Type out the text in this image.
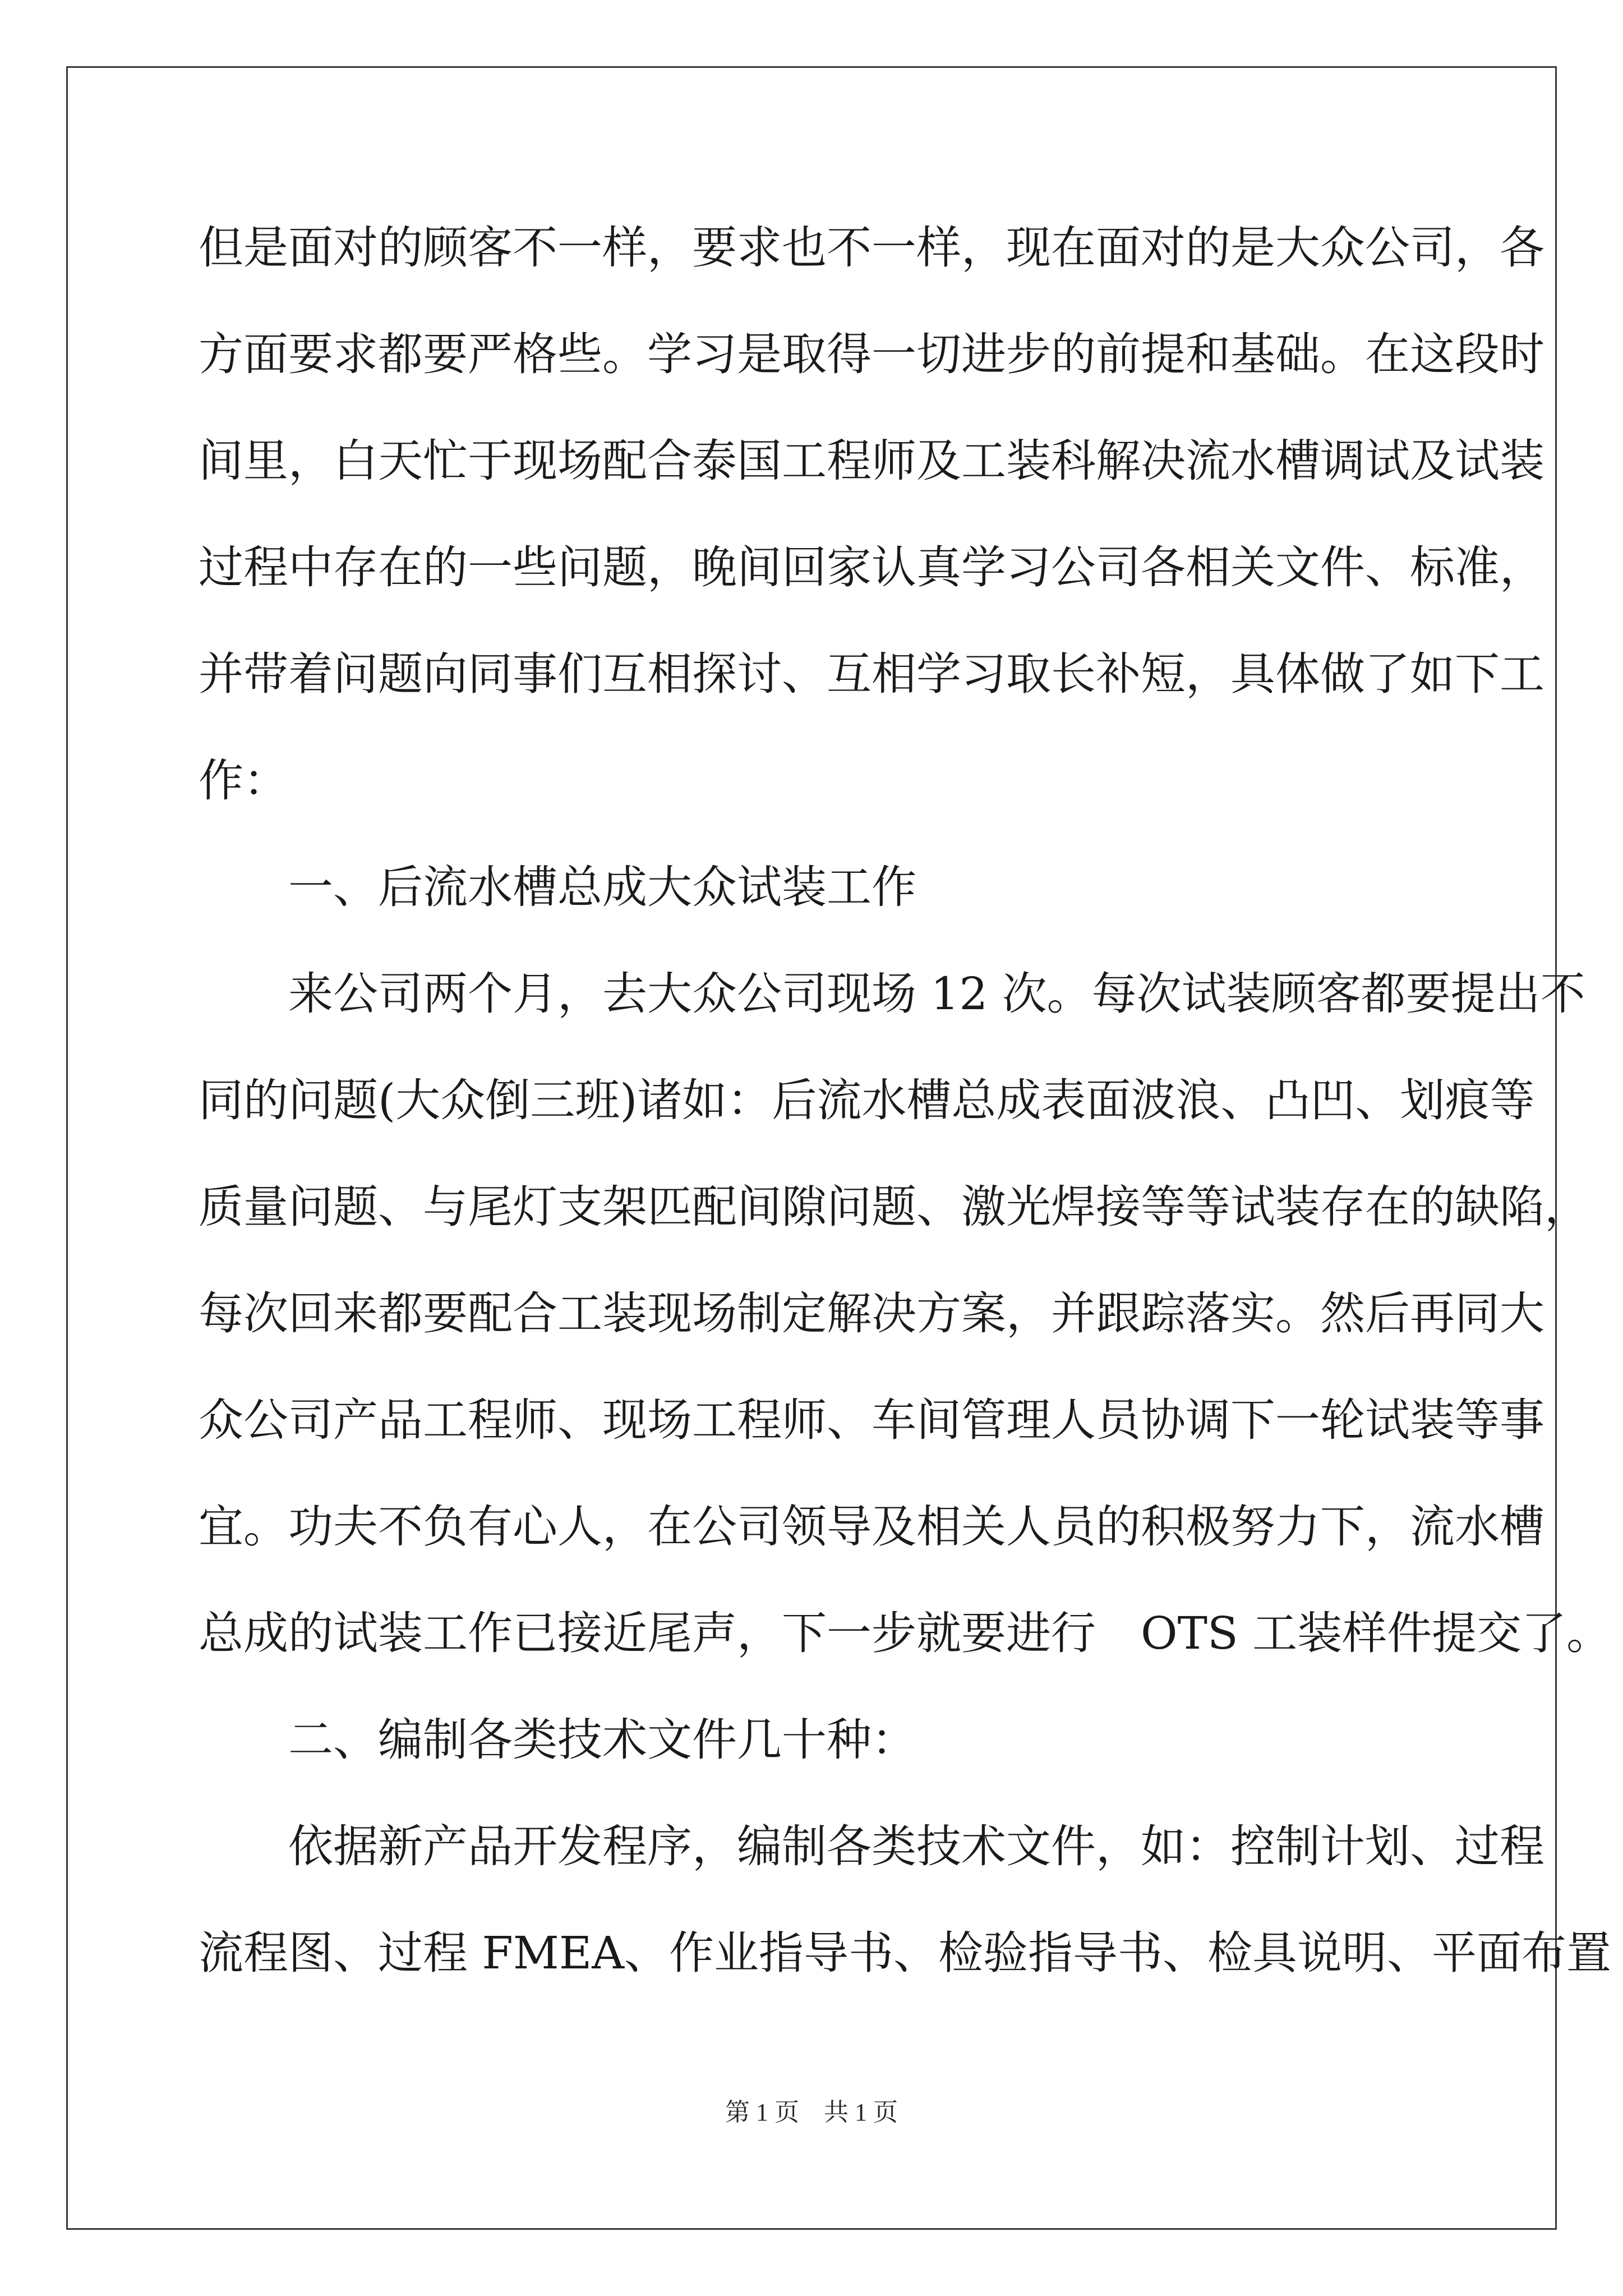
但是面对的顾客不一样，要求也不一样，现在面对的是大众公司，各

方面要求都要严格些。学习是取得一切进步的前提和基础。在这段时

间里，白天忙于现场配合泰国工程师及工装科解决流水槽调试及试装

过程中存在的一些问题，晚间回家认真学习公司各相关文件、标准，

并带着问题向同事们互相探讨、互相学习取长补短，具体做了如下工

作：

　　一、后流水槽总成大众试装工作

　　来公司两个月，去大众公司现场 12 次。每次试装顾客都要提出不

同的问题(大众倒三班)诸如：后流水槽总成表面波浪、凸凹、划痕等

质量问题、与尾灯支架匹配间隙问题、激光焊接等等试装存在的缺陷，

每次回来都要配合工装现场制定解决方案，并跟踪落实。然后再同大

众公司产品工程师、现场工程师、车间管理人员协调下一轮试装等事

宜。功夫不负有心人，在公司领导及相关人员的积极努力下，流水槽

总成的试装工作已接近尾声，下一步就要进行　OTS 工装样件提交了。

　　二、编制各类技术文件几十种：

　　依据新产品开发程序，编制各类技术文件，如：控制计划、过程

流程图、过程 FMEA、作业指导书、检验指导书、检具说明、平面布置

第 1 页　共 1 页
